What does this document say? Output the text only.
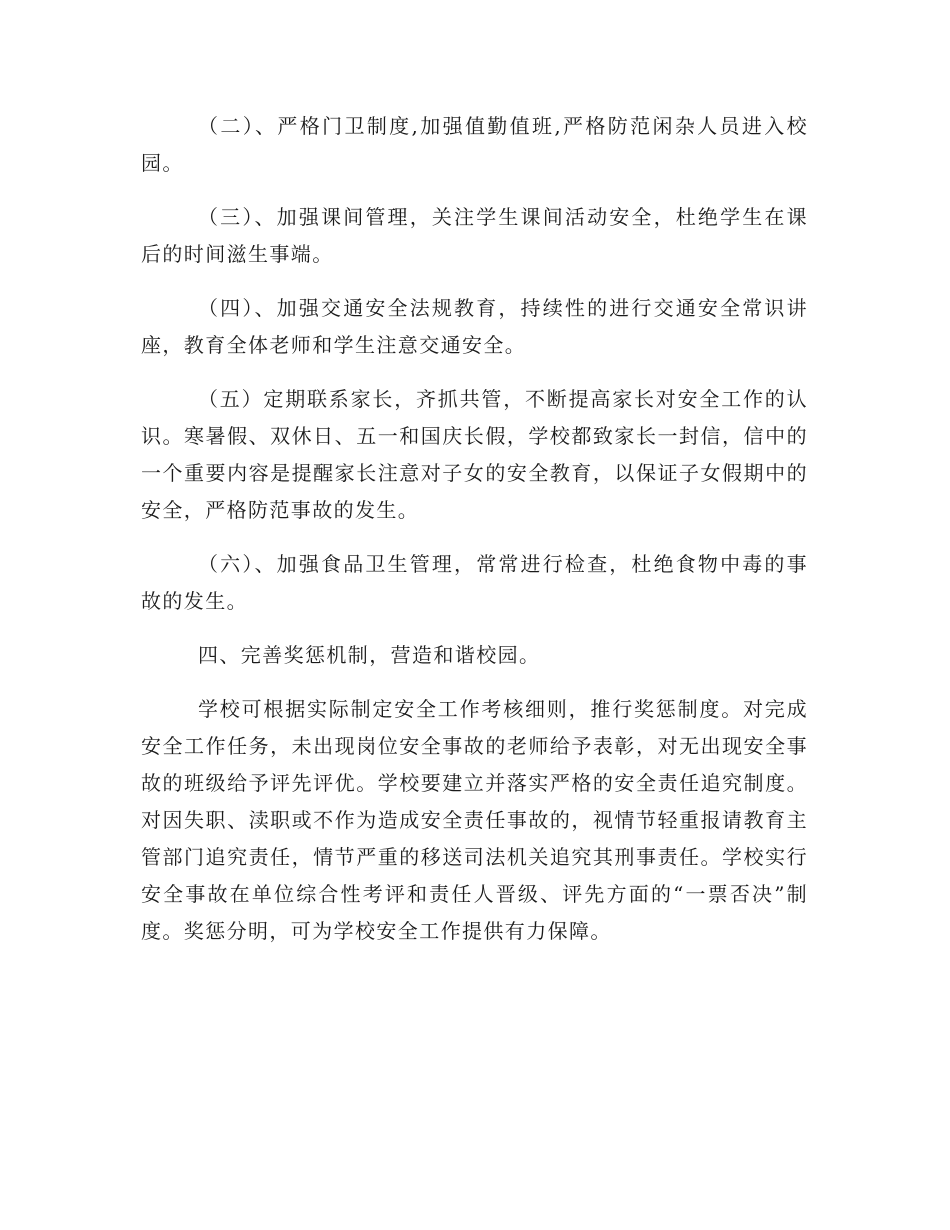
（二）、严格门卫制度,加强值勤值班,严格防范闲杂人员进入校园。

（三）、加强课间管理，关注学生课间活动安全，杜绝学生在课后的时间滋生事端。

（四）、加强交通安全法规教育，持续性的进行交通安全常识讲座，教育全体老师和学生注意交通安全。

（五）定期联系家长，齐抓共管，不断提高家长对安全工作的认识。寒暑假、双休日、五一和国庆长假，学校都致家长一封信，信中的一个重要内容是提醒家长注意对子女的安全教育，以保证子女假期中的安全，严格防范事故的发生。

（六）、加强食品卫生管理，常常进行检查，杜绝食物中毒的事故的发生。

四、完善奖惩机制，营造和谐校园。

学校可根据实际制定安全工作考核细则，推行奖惩制度。对完成安全工作任务，未出现岗位安全事故的老师给予表彰，对无出现安全事故的班级给予评先评优。学校要建立并落实严格的安全责任追究制度。对因失职、渎职或不作为造成安全责任事故的，视情节轻重报请教育主管部门追究责任，情节严重的移送司法机关追究其刑事责任。学校实行安全事故在单位综合性考评和责任人晋级、评先方面的“一票否决”制度。奖惩分明，可为学校安全工作提供有力保障。
